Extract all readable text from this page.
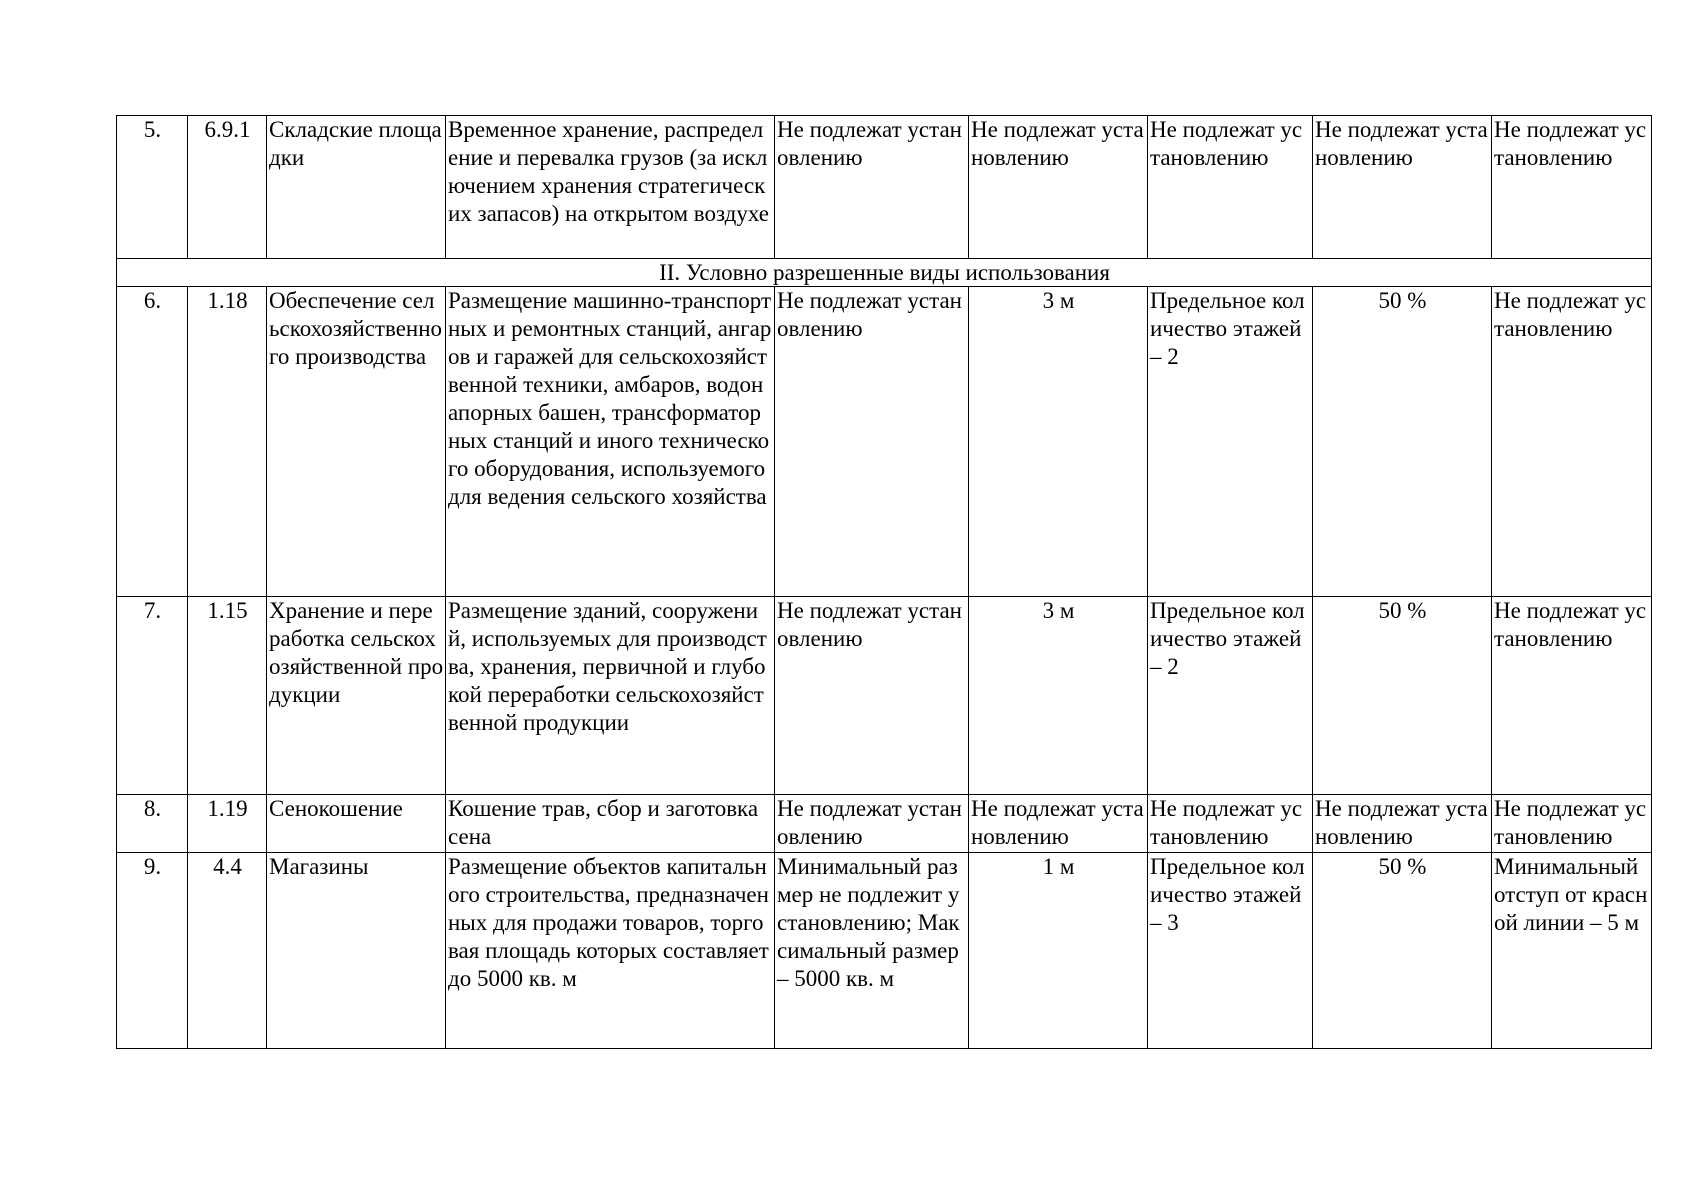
5.	6.9.1	Складские площадки	Временное хранение, распределение и перевалка грузов (за исключением хранения стратегических запасов) на открытом воздухе	Не подлежат установлению	Не подлежат установлению	Не подлежат установлению	Не подлежат установлению	Не подлежат установлению
II. Условно разрешенные виды использования								
6.	1.18	Обеспечение сельскохозяйственного производства	Размещение машинно-транспортных и ремонтных станций, ангаров и гаражей для сельскохозяйственной техники, амбаров, водонапорных башен, трансформаторных станций и иного технического оборудования, используемого для ведения сельского хозяйства	Не подлежат установлению	3 м	Предельное количество этажей – 2	50 %	Не подлежат установлению
7.	1.15	Хранение и переработка сельскохозяйственной продукции	Размещение зданий, сооружений, используемых для производства, хранения, первичной и глубокой переработки сельскохозяйственной продукции	Не подлежат установлению	3 м	Предельное количество этажей – 2	50 %	Не подлежат установлению
8.	1.19	Сенокошение	Кошение трав, сбор и заготовка сена	Не подлежат установлению	Не подлежат установлению	Не подлежат установлению	Не подлежат установлению	Не подлежат установлению
9.	4.4	Магазины	Размещение объектов капитального строительства, предназначенных для продажи товаров, торговая площадь которых составляет до 5000 кв. м	Минимальный размер не подлежит установлению; Максимальный размер – 5000 кв. м	1 м	Предельное количество этажей – 3	50 %	Минимальный отступ от красной линии – 5 м
